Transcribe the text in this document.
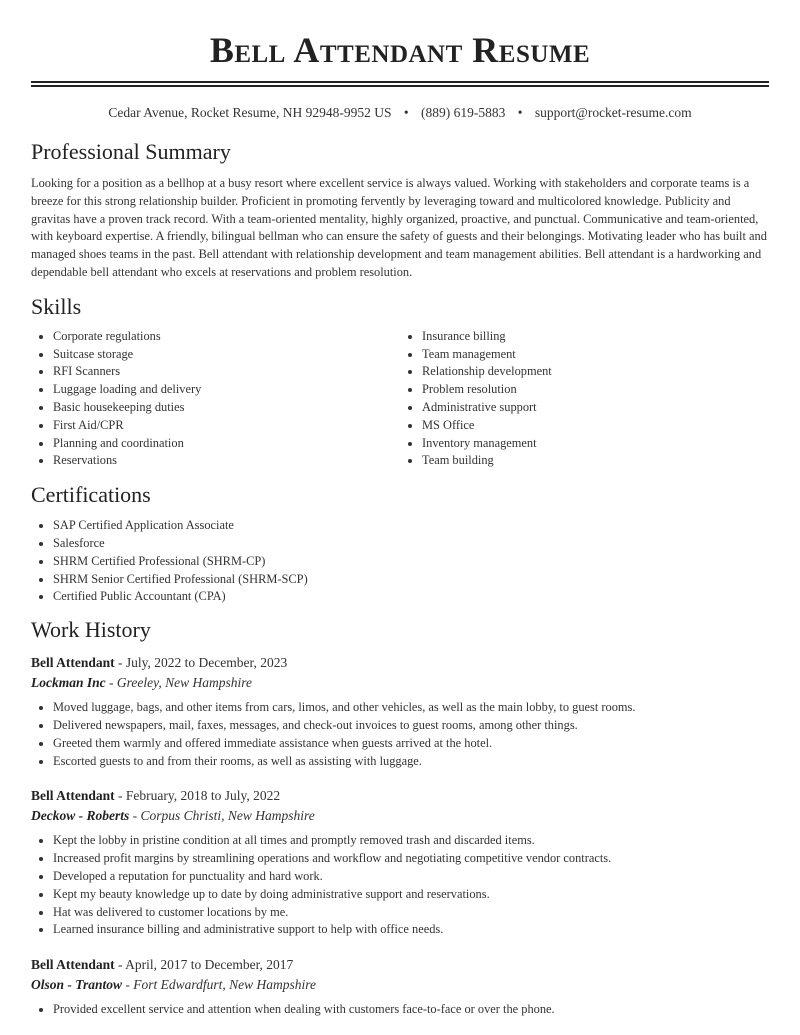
Bell Attendant Resume
Cedar Avenue, Rocket Resume, NH 92948-9952 US • (889) 619-5883 • support@rocket-resume.com
Professional Summary

Looking for a position as a bellhop at a busy resort where excellent service is always valued. Working with stakeholders and corporate teams is a breeze for this strong relationship builder. Proficient in promoting fervently by leveraging toward and multicolored knowledge. Publicity and gravitas have a proven track record. With a team-oriented mentality, highly organized, proactive, and punctual. Communicative and team-oriented, with keyboard expertise. A friendly, bilingual bellman who can ensure the safety of guests and their belongings. Motivating leader who has built and managed shoes teams in the past. Bell attendant with relationship development and team management abilities. Bell attendant is a hardworking and dependable bell attendant who excels at reservations and problem resolution.

Skills
• Corporate regulations
• Suitcase storage
• RFI Scanners
• Luggage loading and delivery
• Basic housekeeping duties
• First Aid/CPR
• Planning and coordination
• Reservations
• Insurance billing
• Team management
• Relationship development
• Problem resolution
• Administrative support
• MS Office
• Inventory management
• Team building
Certifications
• SAP Certified Application Associate
• Salesforce
• SHRM Certified Professional (SHRM-CP)
• SHRM Senior Certified Professional (SHRM-SCP)
• Certified Public Accountant (CPA)
Work History
Bell Attendant - July, 2022 to December, 2023
Lockman Inc - Greeley, New Hampshire
• Moved luggage, bags, and other items from cars, limos, and other vehicles, as well as the main lobby, to guest rooms.
• Delivered newspapers, mail, faxes, messages, and check-out invoices to guest rooms, among other things.
• Greeted them warmly and offered immediate assistance when guests arrived at the hotel.
• Escorted guests to and from their rooms, as well as assisting with luggage.
Bell Attendant - February, 2018 to July, 2022
Deckow - Roberts - Corpus Christi, New Hampshire
• Kept the lobby in pristine condition at all times and promptly removed trash and discarded items.
• Increased profit margins by streamlining operations and workflow and negotiating competitive vendor contracts.
• Developed a reputation for punctuality and hard work.
• Kept my beauty knowledge up to date by doing administrative support and reservations.
• Hat was delivered to customer locations by me.
• Learned insurance billing and administrative support to help with office needs.
Bell Attendant - April, 2017 to December, 2017
Olson - Trantow - Fort Edwardfurt, New Hampshire
• Provided excellent service and attention when dealing with customers face-to-face or over the phone.
